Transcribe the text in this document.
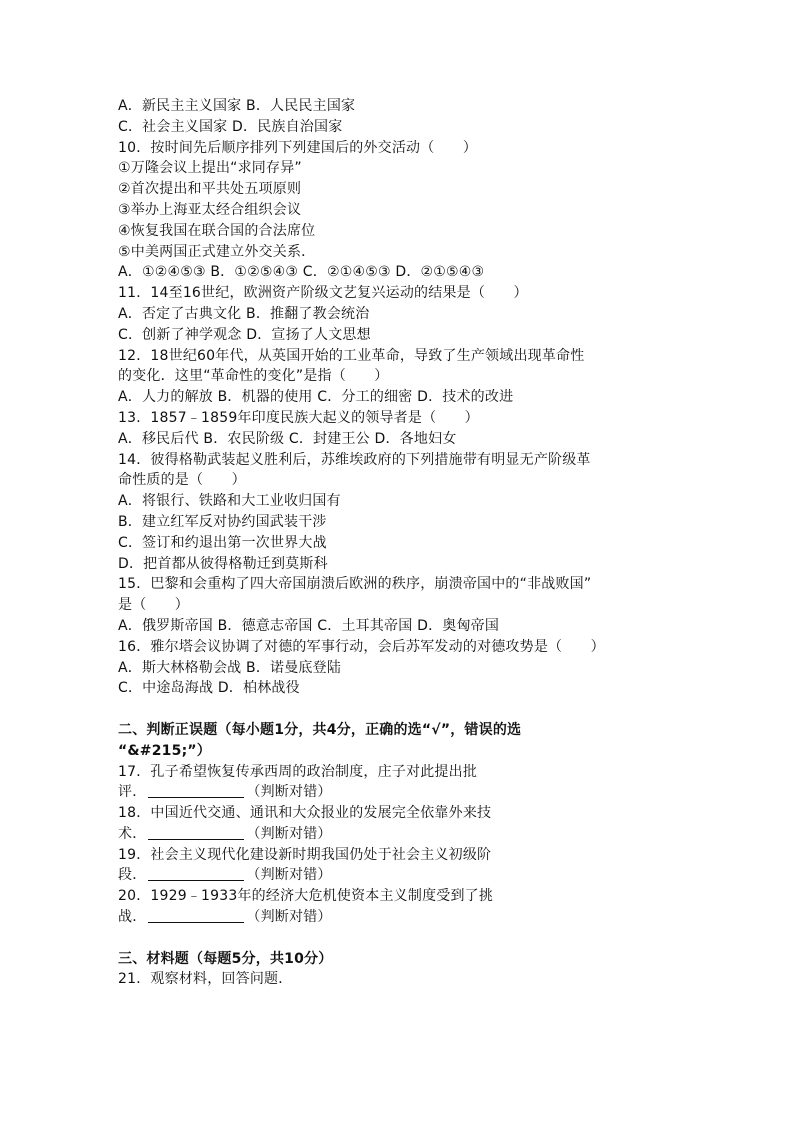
A．新民主主义国家 B．人民民主国家
C．社会主义国家 D．民族自治国家
10．按时间先后顺序排列下列建国后的外交活动（　　）
①万隆会议上提出“求同存异”
②首次提出和平共处五项原则
③举办上海亚太经合组织会议
④恢复我国在联合国的合法席位
⑤中美两国正式建立外交关系．
A．①②④⑤③ B．①②⑤④③ C．②①④⑤③ D．②①⑤④③
11．14至16世纪，欧洲资产阶级文艺复兴运动的结果是（　　）
A．否定了古典文化 B．推翻了教会统治
C．创新了神学观念 D．宣扬了人文思想
12．18世纪60年代，从英国开始的工业革命，导致了生产领域出现革命性
的变化．这里“革命性的变化”是指（　　）
A．人力的解放 B．机器的使用 C．分工的细密 D．技术的改进
13．1857﹣1859年印度民族大起义的领导者是（　　）
A．移民后代 B．农民阶级 C．封建王公 D．各地妇女
14．彼得格勒武装起义胜利后，苏维埃政府的下列措施带有明显无产阶级革
命性质的是（　　）
A．将银行、铁路和大工业收归国有
B．建立红军反对协约国武装干涉
C．签订和约退出第一次世界大战
D．把首都从彼得格勒迁到莫斯科
15．巴黎和会重构了四大帝国崩溃后欧洲的秩序，崩溃帝国中的“非战败国”
是（　　）
A．俄罗斯帝国 B．德意志帝国 C．土耳其帝国 D．奥匈帝国
16．雅尔塔会议协调了对德的军事行动，会后苏军发动的对德攻势是（　　）
A．斯大林格勒会战 B．诺曼底登陆
C．中途岛海战 D．柏林战役
二、判断正误题（每小题1分，共4分，正确的选“√”，错误的选
“&#215;”）
17．孔子希望恢复传承西周的政治制度，庄子对此提出批
评．	（判断对错）
18．中国近代交通、通讯和大众报业的发展完全依靠外来技
术．	（判断对错）
19．社会主义现代化建设新时期我国仍处于社会主义初级阶
段．	（判断对错）
20．1929﹣1933年的经济大危机使资本主义制度受到了挑
战．	（判断对错）
三、材料题（每题5分，共10分）
21．观察材料，回答问题．
